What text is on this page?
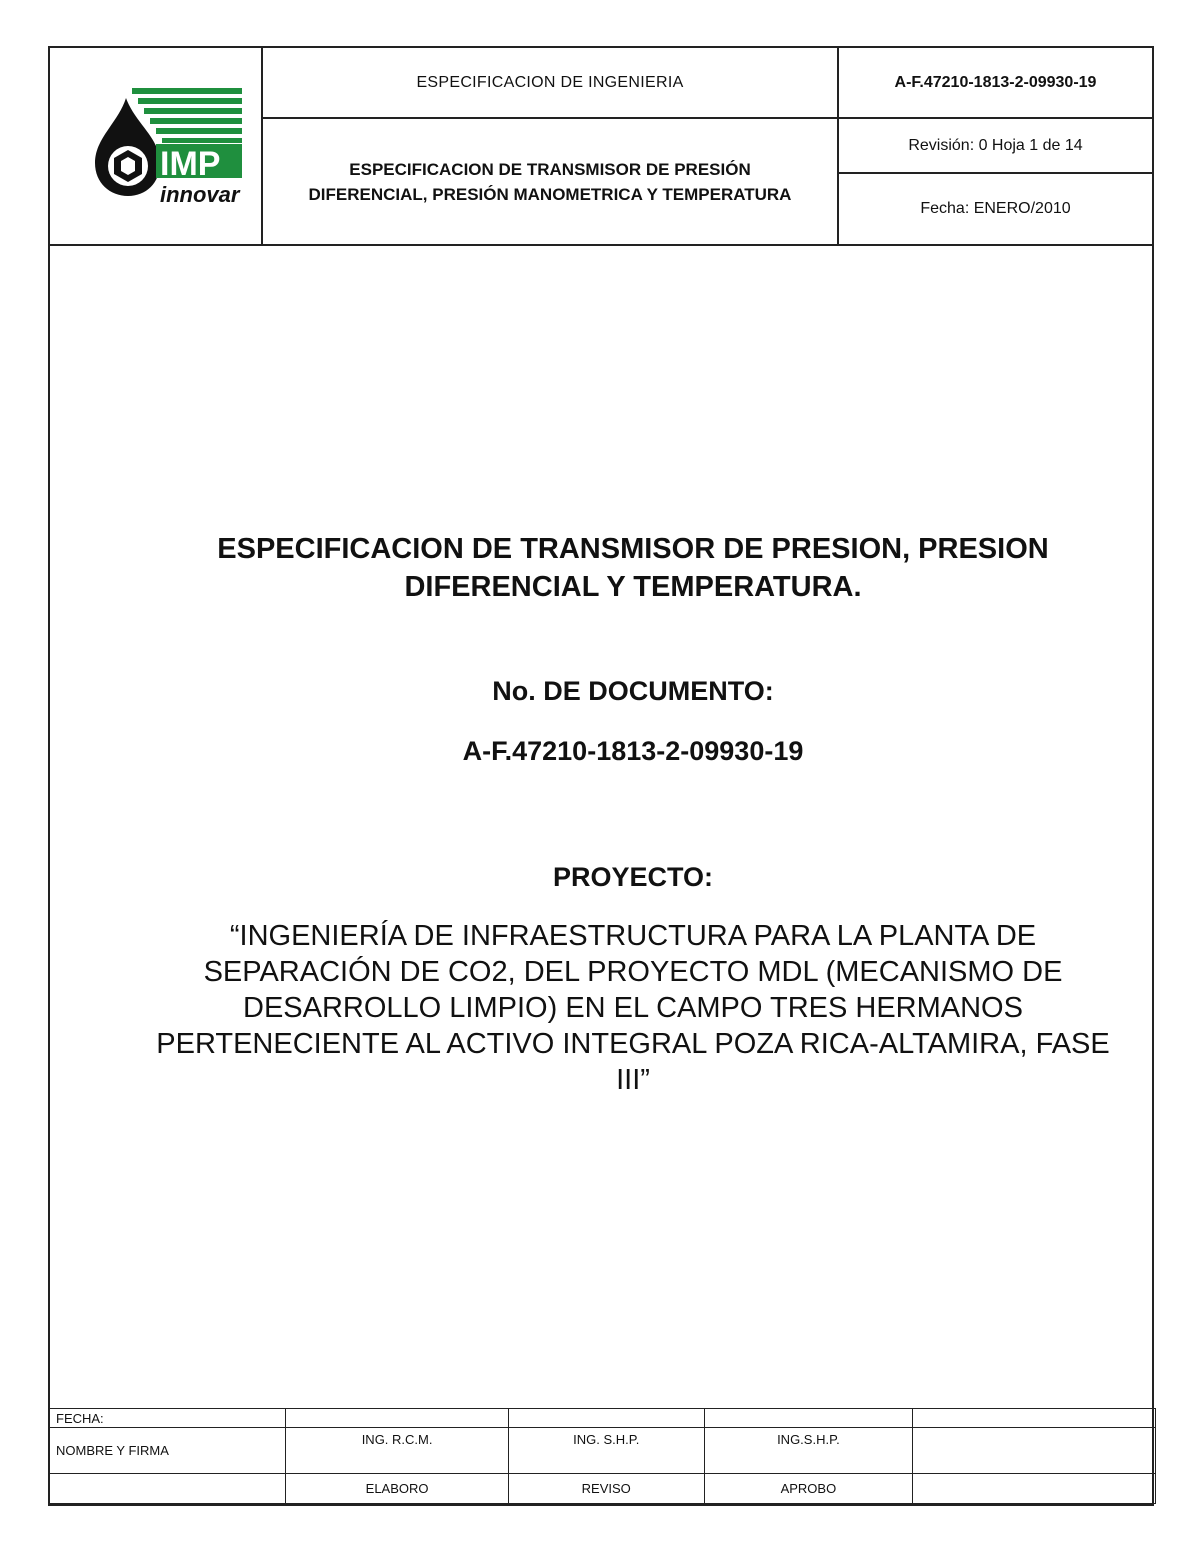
IMP
innovar
ESPECIFICACION DE INGENIERIA
ESPECIFICACION DE TRANSMISOR DE PRESIÓN DIFERENCIAL, PRESIÓN MANOMETRICA Y TEMPERATURA
A-F.47210-1813-2-09930-19
Revisión: 0 Hoja 1 de 14
Fecha: ENERO/2010
ESPECIFICACION DE TRANSMISOR DE PRESION, PRESION DIFERENCIAL Y TEMPERATURA.
No. DE DOCUMENTO:
A-F.47210-1813-2-09930-19
PROYECTO:
“INGENIERÍA DE INFRAESTRUCTURA PARA LA PLANTA DE SEPARACIÓN DE CO2, DEL PROYECTO MDL (MECANISMO DE DESARROLLO LIMPIO) EN EL CAMPO TRES HERMANOS PERTENECIENTE AL ACTIVO INTEGRAL POZA RICA-ALTAMIRA, FASE III”
FECHA:				
NOMBRE Y FIRMA	ING. R.C.M.	ING. S.H.P.	ING.S.H.P.	
	ELABORO	REVISO	APROBO	
